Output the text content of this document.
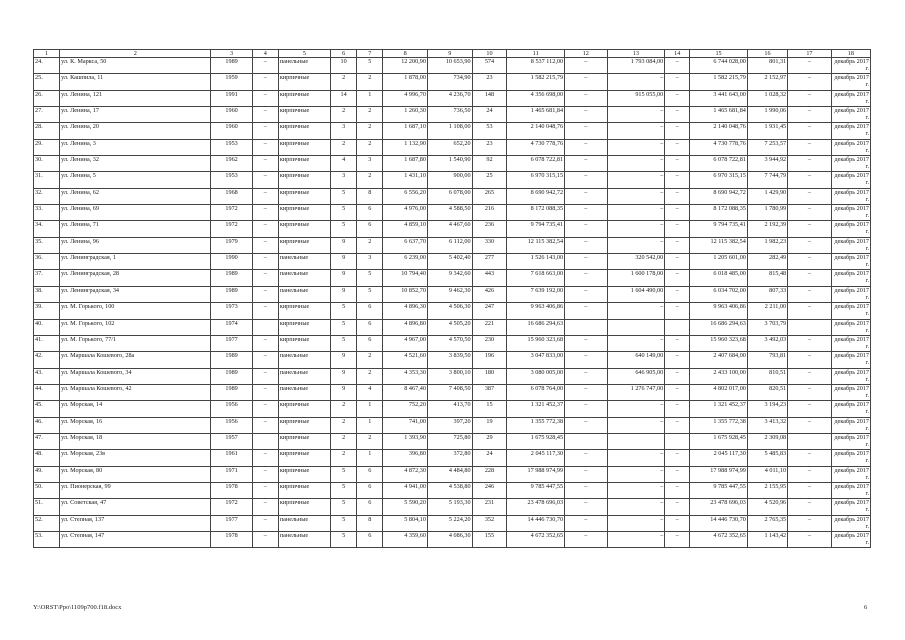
1	2	3	4	5	6	7	8	9	10	11	12	13	14	15	16	17	18
24.	ул. К. Маркса, 50	1989	–	панельные	10	5	12 200,90	10 653,90	574	8 537 112,00	–	1 793 084,00	–	6 744 028,00	801,31	–	декабрь 2017 г.
25.	ул. Кашпила, 11	1959	–	кирпичные	2	2	1 878,00	734,90	23	1 582 215,79	–	–	–	1 582 215,79	2 152,97	–	декабрь 2017 г.
26.	ул. Ленина, 121	1991	–	кирпичные	14	1	4 996,70	4 236,70	148	4 356 698,00	–	915 055,00	–	3 441 643,00	1 028,32	–	декабрь 2017 г.
27.	ул. Ленина, 17	1960	–	кирпичные	2	2	1 260,30	736,50	24	1 465 681,84	–	–	–	1 465 681,84	1 990,06	–	декабрь 2017 г.
28.	ул. Ленина, 20	1960	–	кирпичные	3	2	1 687,10	1 108,00	53	2 140 048,76	–	–	–	2 140 048,76	1 931,45	–	декабрь 2017 г.
29.	ул. Ленина, 3	1953	–	кирпичные	2	2	1 132,90	652,20	23	4 730 778,76	–	–	–	4 730 778,76	7 253,57	–	декабрь 2017 г.
30.	ул. Ленина, 32	1962	–	кирпичные	4	3	1 687,80	1 540,90	92	6 078 722,81	–	–	–	6 078 722,81	3 944,92	–	декабрь 2017 г.
31.	ул. Ленина, 5	1953	–	кирпичные	3	2	1 431,10	900,00	25	6 970 315,15	–	–	–	6 970 315,15	7 744,79	–	декабрь 2017 г.
32.	ул. Ленина, 62	1968	–	кирпичные	5	8	6 556,20	6 078,00	265	8 690 942,72	–	–	–	8 690 942,72	1 429,90	–	декабрь 2017 г.
33.	ул. Ленина, 69	1972	–	кирпичные	5	6	4 976,00	4 588,50	216	8 172 088,35	–	–	–	8 172 088,35	1 780,99	–	декабрь 2017 г.
34.	ул. Ленина, 71	1972	–	кирпичные	5	6	4 859,10	4 467,60	236	9 794 735,41	–	–	–	9 794 735,41	2 192,39	–	декабрь 2017 г.
35.	ул. Ленина, 96	1979	–	кирпичные	9	2	6 637,70	6 112,00	330	12 115 382,54	–	–	–	12 115 382,54	1 982,23	–	декабрь 2017 г.
36.	ул. Ленинградская, 1	1990	–	панельные	9	3	6 239,00	5 402,40	277	1 526 143,00	–	320 542,00	–	1 205 601,00	282,49	–	декабрь 2017 г.
37.	ул. Ленинградская, 28	1989	–	панельные	9	5	10 794,40	9 342,60	443	7 618 663,00	–	1 600 178,00	–	6 018 485,00	815,48	–	декабрь 2017 г.
38.	ул. Ленинградская, 34	1989	–	панельные	9	5	10 852,70	9 462,30	426	7 639 192,00	–	1 604 490,00	–	6 034 702,00	807,33	–	декабрь 2017 г.
39.	ул. М. Горького, 100	1973	–	кирпичные	5	6	4 896,30	4 506,30	247	9 963 406,86	–	–	–	9 963 406,86	2 211,00	–	декабрь 2017 г.
40.	ул. М. Горького, 102	1974		кирпичные	5	6	4 896,80	4 505,20	221	16 686 294,63				16 686 294,63	3 703,79		декабрь 2017 г.
41.	ул. М. Горького, 77/1	1977	–	кирпичные	5	6	4 967,00	4 570,50	230	15 960 323,68	–	–	–	15 960 323,68	3 492,03	–	декабрь 2017 г.
42.	ул. Маршала Кошевого, 28а	1989	–	панельные	9	2	4 521,60	3 839,50	196	3 047 833,00	–	640 149,00	–	2 407 684,00	793,81	–	декабрь 2017 г.
43.	ул. Маршала Кошевого, 34	1989	–	панельные	9	2	4 353,30	3 800,10	180	3 080 005,00	–	646 905,00	–	2 433 100,00	810,51	–	декабрь 2017 г.
44.	ул. Маршала Кошевого, 42	1989	–	панельные	9	4	8 467,40	7 408,50	387	6 078 764,00	–	1 276 747,00	–	4 802 017,00	820,51	–	декабрь 2017 г.
45.	ул. Морская, 14	1956	–	кирпичные	2	1	752,20	413,70	15	1 321 452,37	–	–	–	1 321 452,37	3 194,23	–	декабрь 2017 г.
46.	ул. Морская, 16	1956	–	кирпичные	2	1	741,00	397,20	19	1 355 772,38	–	–	–	1 355 772,38	3 413,32	–	декабрь 2017 г.
47.	ул. Морская, 18	1957		кирпичные	2	2	1 393,90	725,80	29	1 675 928,45				1 675 928,45	2 309,08		декабрь 2017 г.
48.	ул. Морская, 23в	1961	–	кирпичные	2	1	396,80	372,80	24	2 045 117,30	–	–	–	2 045 117,30	5 485,83	–	декабрь 2017 г.
49.	ул. Морская, 80	1971	–	кирпичные	5	6	4 872,30	4 484,80	228	17 988 974,99	–	–	–	17 988 974,99	4 011,10	–	декабрь 2017 г.
50.	ул. Пионерская, 99	1978	–	кирпичные	5	6	4 941,00	4 538,80	246	9 785 447,55	–	–	–	9 785 447,55	2 155,95	–	декабрь 2017 г.
51.	ул. Советская, 47	1972	–	кирпичные	5	6	5 590,20	5 193,30	231	23 478 696,03	–	–	–	23 478 696,03	4 520,96	–	декабрь 2017 г.
52.	ул. Степная, 137	1977	–	панельные	5	8	5 804,10	5 224,20	352	14 446 730,70	–	–	–	14 446 730,70	2 765,35	–	декабрь 2017 г.
53.	ул. Степная, 147	1978	–	панельные	5	6	4 359,60	4 086,30	155	4 672 352,65	–	–	–	4 672 352,65	1 143,42	–	декабрь 2017 г.
Y:\ORST\Ppo\1109p700.f18.docx	6
